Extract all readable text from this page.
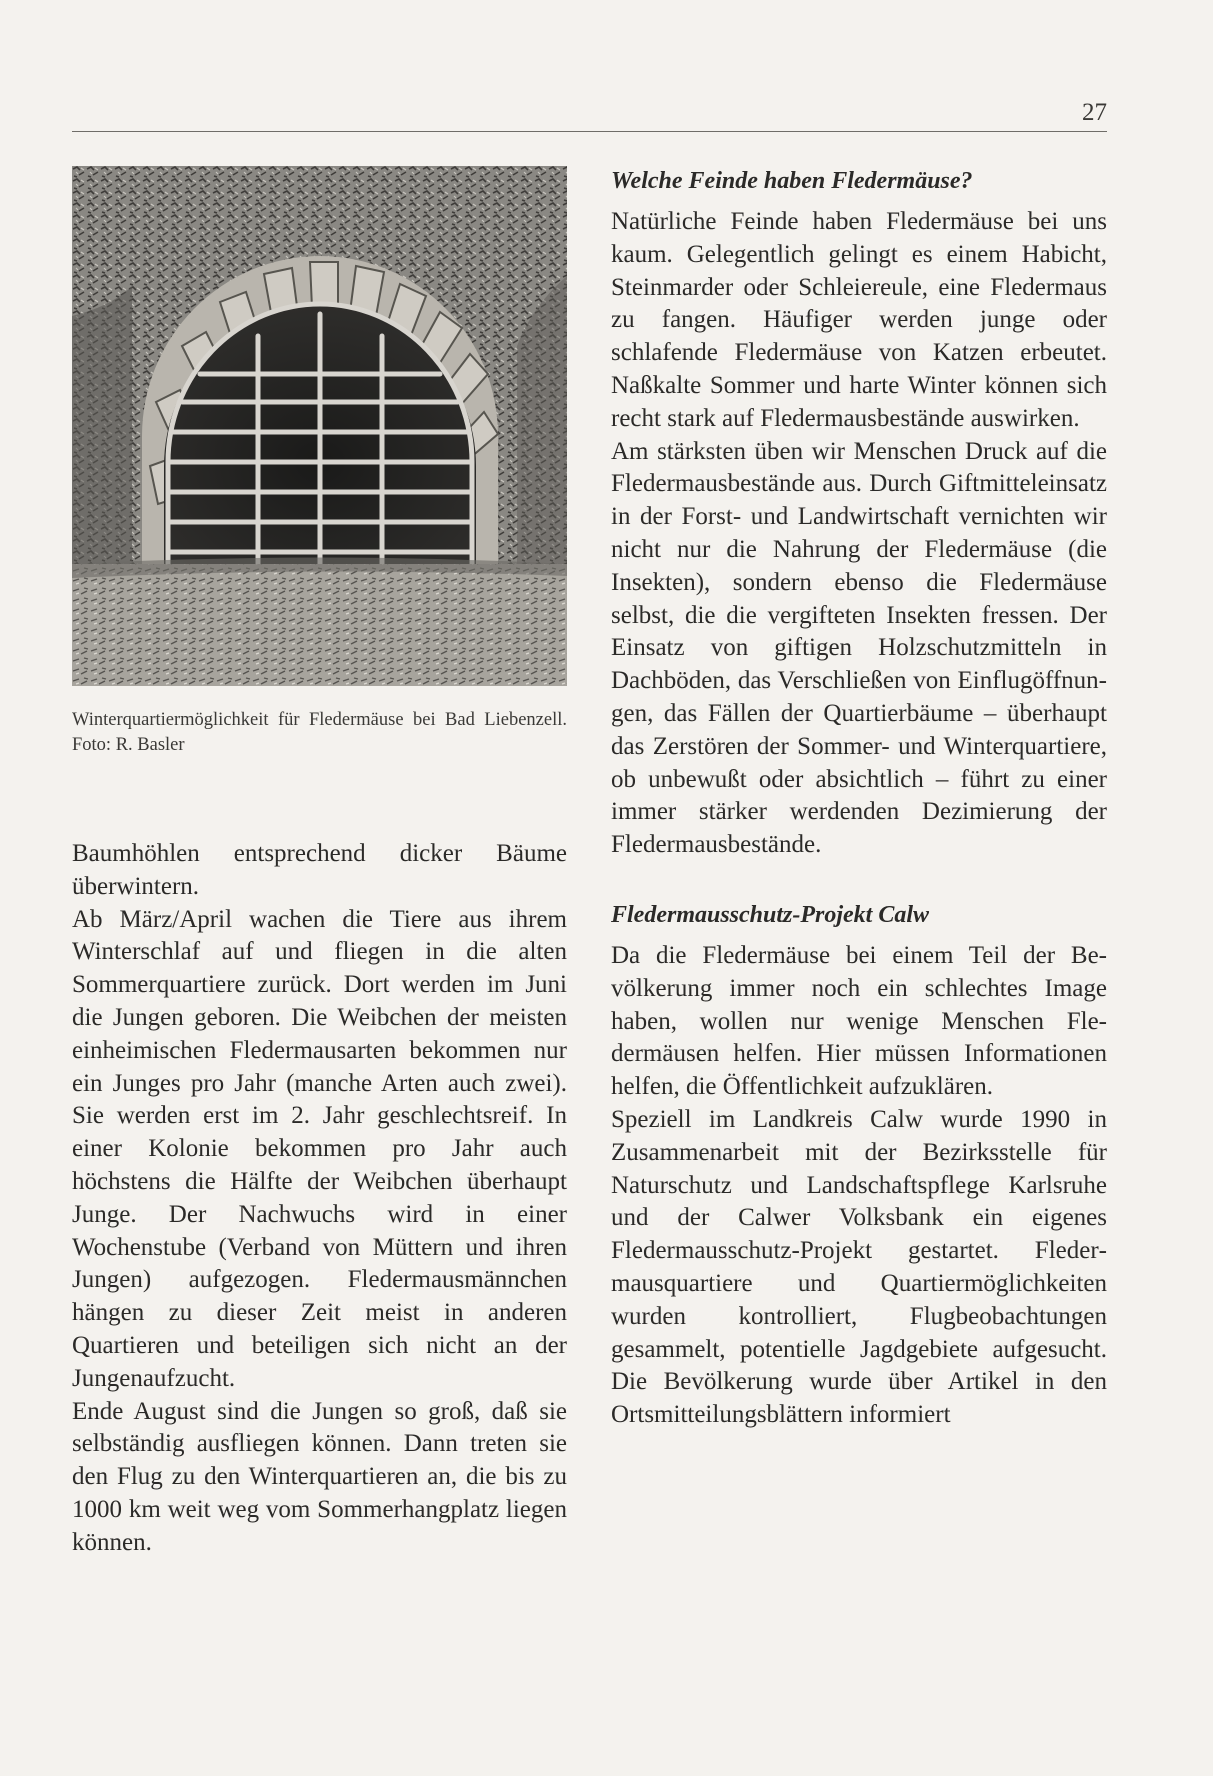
27
Winterquartiermöglichkeit für Fledermäuse bei Bad Liebenzell. Foto: R. Basler

Baumhöhlen entsprechend dicker Bäume überwintern.

Ab März/April wachen die Tiere aus ihrem Winterschlaf auf und fliegen in die alten Sommerquartiere zurück. Dort werden im Juni die Jungen geboren. Die Weibchen der meisten einheimischen Fledermausarten bekommen nur ein Junges pro Jahr (manche Arten auch zwei). Sie werden erst im 2. Jahr geschlechtsreif. In einer Kolonie bekommen pro Jahr auch höchstens die Hälfte der Weibchen überhaupt Junge. Der Nachwuchs wird in einer Wochenstube (Verband von Müttern und ihren Jungen) aufgezogen. Fledermausmännchen hängen zu dieser Zeit meist in anderen Quartieren und beteiligen sich nicht an der Jungenaufzucht.

Ende August sind die Jungen so groß, daß sie selbständig ausfliegen können. Dann treten sie den Flug zu den Winterquartieren an, die bis zu 1000 km weit weg vom Sommerhangplatz liegen können.

Welche Feinde haben Fledermäuse?

Natürliche Feinde haben Fledermäuse bei uns kaum. Gelegentlich gelingt es einem Habicht, Steinmarder oder Schleiereule, eine Fledermaus zu fangen. Häufiger werden junge oder schlafende Fledermäuse von Katzen erbeutet. Naßkalte Sommer und harte Winter können sich recht stark auf Fledermausbestände auswirken.

Am stärksten üben wir Menschen Druck auf die Fledermausbestände aus. Durch Giftmitteleinsatz in der Forst- und Landwirtschaft vernichten wir nicht nur die Nahrung der Fledermäuse (die Insekten), sondern ebenso die Fledermäuse selbst, die die vergifteten Insekten fressen. Der Einsatz von giftigen Holzschutzmitteln in Dachböden, das Verschließen von Einflugöffnungen, das Fällen der Quartierbäume – überhaupt das Zerstören der Sommer- und Winterquartiere, ob unbewußt oder absichtlich – führt zu einer immer stärker werdenden Dezimierung der Fledermausbestände.

Fledermausschutz-Projekt Calw

Da die Fledermäuse bei einem Teil der Bevölkerung immer noch ein schlechtes Image haben, wollen nur wenige Menschen Fledermäusen helfen. Hier müssen Informationen helfen, die Öffentlichkeit aufzuklären.

Speziell im Landkreis Calw wurde 1990 in Zusammenarbeit mit der Bezirksstelle für Naturschutz und Landschaftspflege Karlsruhe und der Calwer Volksbank ein eigenes Fledermausschutz-Projekt gestartet. Fledermausquartiere und Quartiermöglichkeiten wurden kontrolliert, Flugbeobachtungen gesammelt, potentielle Jagdgebiete aufgesucht. Die Bevölkerung wurde über Artikel in den Ortsmitteilungsblättern informiert
